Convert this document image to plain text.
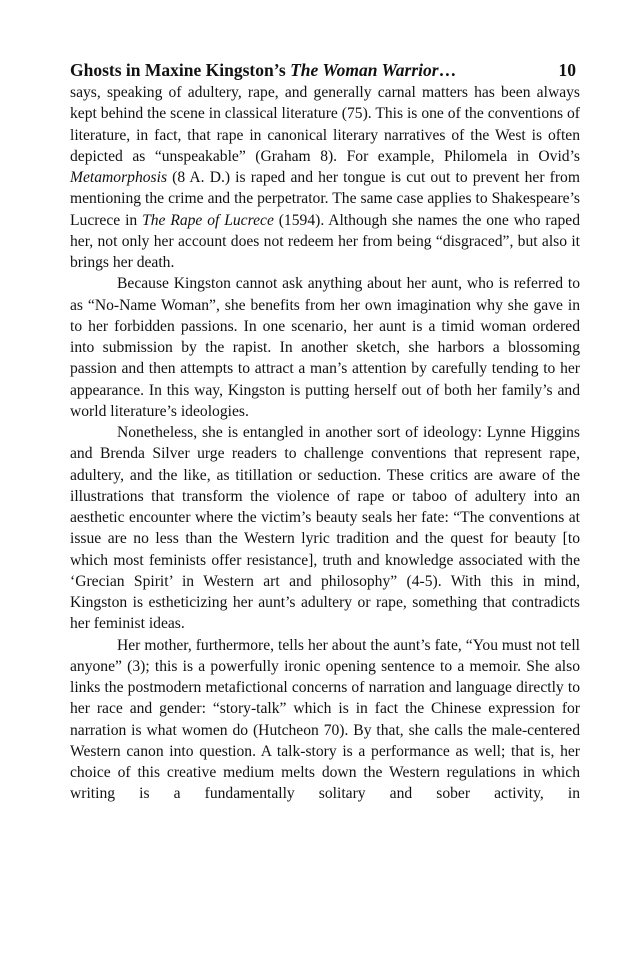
Ghosts in Maxine Kingston’s The Woman Warrior…	10

says, speaking of adultery, rape, and generally carnal matters has been always kept behind the scene in classical literature (75). This is one of the conventions of literature, in fact, that rape in canonical literary narratives of the West is often depicted as “unspeakable” (Graham 8). For example, Philomela in Ovid’s Metamorphosis (8 A. D.) is raped and her tongue is cut out to prevent her from mentioning the crime and the perpetrator. The same case applies to Shakespeare’s Lucrece in The Rape of Lucrece (1594). Although she names the one who raped her, not only her account does not redeem her from being “disgraced”, but also it brings her death.

Because Kingston cannot ask anything about her aunt, who is referred to as “No-Name Woman”, she benefits from her own imagination why she gave in to her forbidden passions. In one scenario, her aunt is a timid woman ordered into submission by the rapist. In another sketch, she harbors a blossoming passion and then attempts to attract a man’s attention by carefully tending to her appearance. In this way, Kingston is putting herself out of both her family’s and world literature’s ideologies.

Nonetheless, she is entangled in another sort of ideology: Lynne Higgins and Brenda Silver urge readers to challenge conventions that represent rape, adultery, and the like, as titillation or seduction. These critics are aware of the illustrations that transform the violence of rape or taboo of adultery into an aesthetic encounter where the victim’s beauty seals her fate: “The conventions at issue are no less than the Western lyric tradition and the quest for beauty [to which most feminists offer resistance], truth and knowledge associated with the ‘Grecian Spirit’ in Western art and philosophy” (4-5). With this in mind, Kingston is estheticizing her aunt’s adultery or rape, something that contradicts her feminist ideas.

Her mother, furthermore, tells her about the aunt’s fate, “You must not tell anyone” (3); this is a powerfully ironic opening sentence to a memoir. She also links the postmodern metafictional concerns of narration and language directly to her race and gender: “story-talk” which is in fact the Chinese expression for narration is what women do (Hutcheon 70). By that, she calls the male-centered Western canon into question. A talk-story is a performance as well; that is, her choice of this creative medium melts down the Western regulations in which writing is a fundamentally solitary and sober activity, in
